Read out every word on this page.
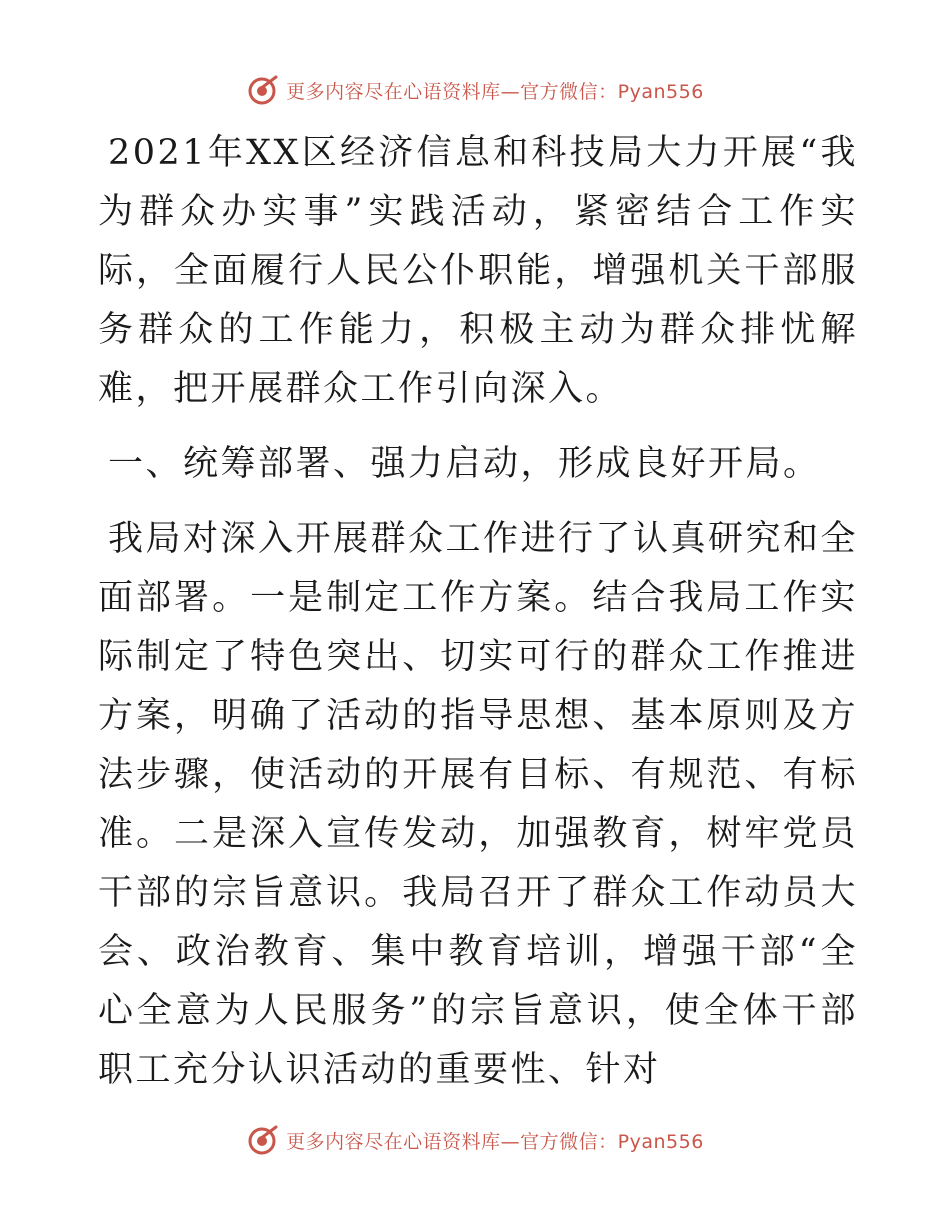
更多内容尽在心语资料库—官方微信：Pyan556

2021年XX区经济信息和科技局大力开展“我为群众办实事”实践活动，紧密结合工作实际，全面履行人民公仆职能，增强机关干部服务群众的工作能力，积极主动为群众排忧解难，把开展群众工作引向深入。

一、统筹部署、强力启动，形成良好开局。

我局对深入开展群众工作进行了认真研究和全面部署。一是制定工作方案。结合我局工作实际制定了特色突出、切实可行的群众工作推进方案，明确了活动的指导思想、基本原则及方法步骤，使活动的开展有目标、有规范、有标准。二是深入宣传发动，加强教育，树牢党员干部的宗旨意识。我局召开了群众工作动员大会、政治教育、集中教育培训，增强干部“全心全意为人民服务”的宗旨意识，使全体干部职工充分认识活动的重要性、针对

更多内容尽在心语资料库—官方微信：Pyan556
